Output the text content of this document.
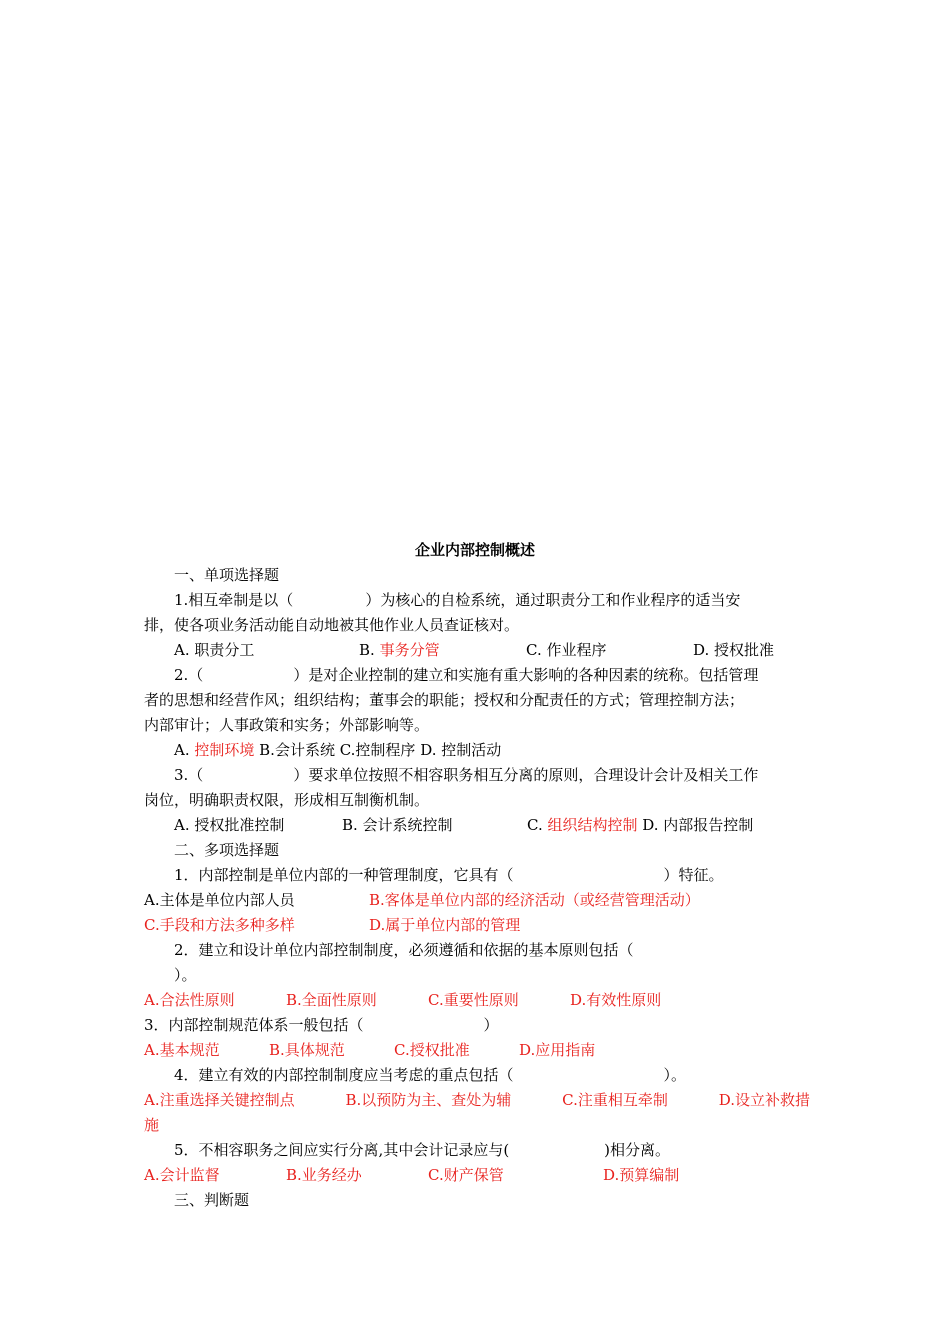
企业内部控制概述
一、单项选择题
1.相互牵制是以（	）为核心的自检系统，通过职责分工和作业程序的适当安
排，使各项业务活动能自动地被其他作业人员查证核对。
A. 职责分工	B. 事务分管	C. 作业程序	D. 授权批准
2.（	）是对企业控制的建立和实施有重大影响的各种因素的统称。包括管理
者的思想和经营作风；组织结构；董事会的职能；授权和分配责任的方式；管理控制方法；
内部审计；人事政策和实务；外部影响等。
A. 控制环境 B.会计系统 C.控制程序 D. 控制活动
3.（	）要求单位按照不相容职务相互分离的原则，合理设计会计及相关工作
岗位，明确职责权限，形成相互制衡机制。
A. 授权批准控制	B. 会计系统控制	C. 组织结构控制 D. 内部报告控制
二、多项选择题
1．内部控制是单位内部的一种管理制度，它具有（	）特征。
A.主体是单位内部人员	B.客体是单位内部的经济活动（或经营管理活动）
C.手段和方法多种多样	D.属于单位内部的管理
2．建立和设计单位内部控制制度，必须遵循和依据的基本原则包括（
）。
A.合法性原则	B.全面性原则	C.重要性原则	D.有效性原则
3．内部控制规范体系一般包括（	）
A.基本规范	B.具体规范	C.授权批准	D.应用指南
4．建立有效的内部控制制度应当考虑的重点包括（	）。
A.注重选择关键控制点	B.以预防为主、查处为辅	C.注重相互牵制	D.设立补救措
施
5．不相容职务之间应实行分离,其中会计记录应与(	)相分离。
A.会计监督	B.业务经办	C.财产保管	D.预算编制
三、判断题
